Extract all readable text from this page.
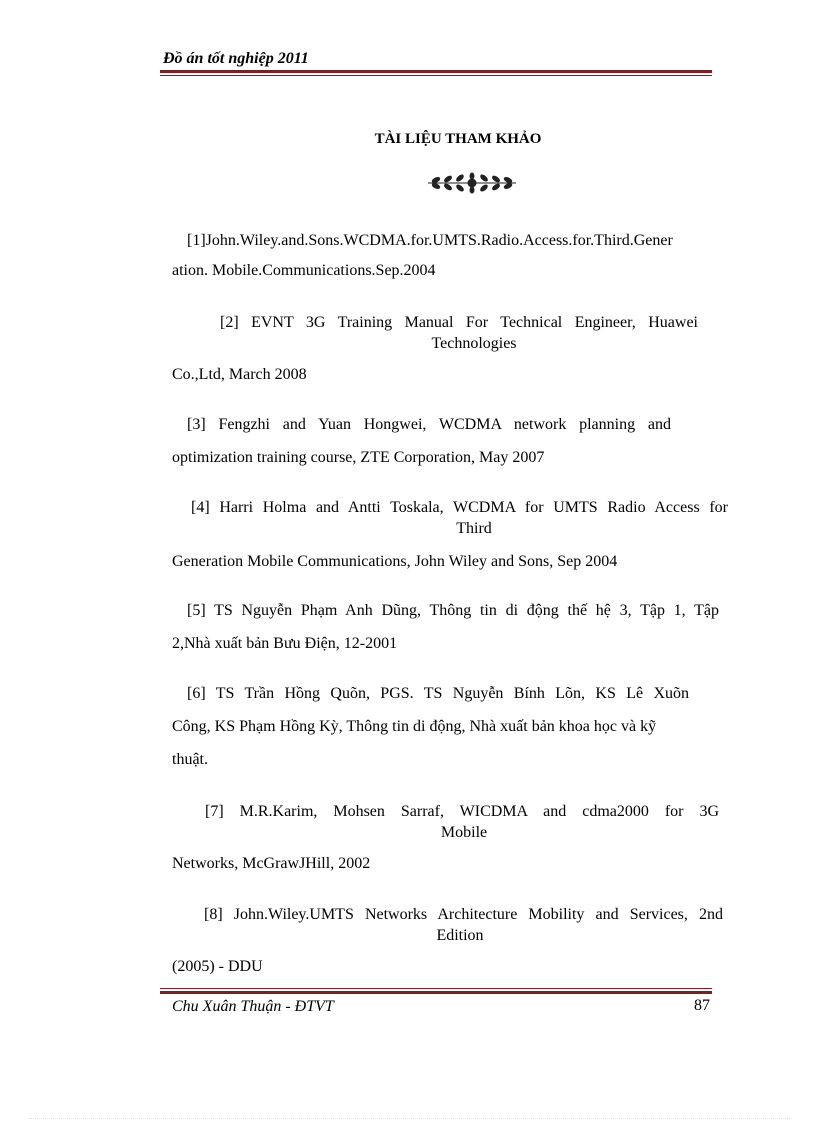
Đồ án tốt nghiệp 2011
TÀI LIỆU THAM KHẢO
[1]John.Wiley.and.Sons.WCDMA.for.UMTS.Radio.Access.for.Third.Gener
ation. Mobile.Communications.Sep.2004
[2] EVNT 3G Training Manual For Technical Engineer, Huawei
Technologies
Co.,Ltd, March 2008
[3] Fengzhi and Yuan Hongwei, WCDMA network planning and
optimization training course, ZTE Corporation, May 2007
[4] Harri Holma and Antti Toskala, WCDMA for UMTS Radio Access for
Third
Generation Mobile Communications, John Wiley and Sons, Sep 2004
[5] TS Nguyễn Phạm Anh Dũng, Thông tin di động thế hệ 3, Tập 1, Tập
2,Nhà xuất bản Bưu Điện, 12-2001
[6] TS Trần Hồng Quõn, PGS. TS Nguyễn Bính Lõn, KS Lê Xuõn
Công, KS Phạm Hồng Kỳ, Thông tin di động, Nhà xuất bản khoa học và kỹ
thuật.
[7] M.R.Karim, Mohsen Sarraf, WICDMA and cdma2000 for 3G
Mobile
Networks, McGrawJHill, 2002
[8] John.Wiley.UMTS Networks Architecture Mobility and Services, 2nd
Edition
(2005) - DDU
Chu Xuân Thuận - ĐTVT	87
